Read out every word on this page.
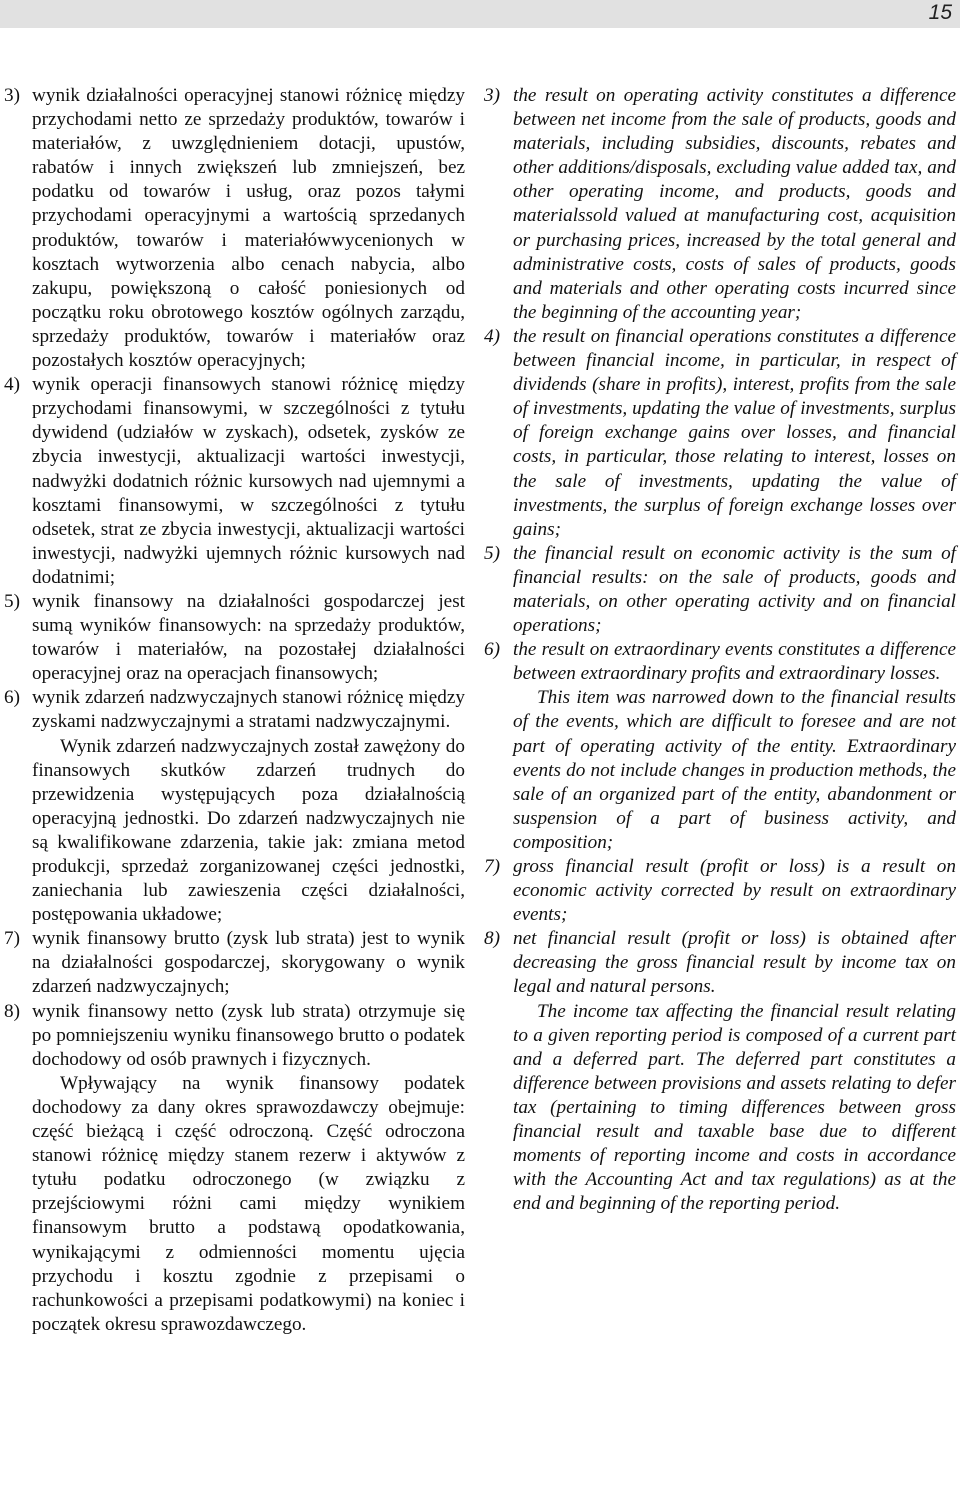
15
3) wynik działalności operacyjnej stanowi różnicę między przychodami netto ze sprzedaży produktów, towarów i materiałów, z uwzględnieniem dotacji, upustów, rabatów i innych zwiększeń lub zmniejszeń, bez podatku od towarów i usług, oraz pozos tałymi przychodami operacyjnymi a wartością sprzedanych produktów, towarów i materiałówwycenionych w kosztach wytworzenia albo cenach nabycia, albo zakupu, powiększoną o całość poniesionych od początku roku obrotowego kosztów ogólnych zarządu, sprzedaży produktów, towarów i materiałów oraz pozostałych kosztów operacyjnych;

4) wynik operacji finansowych stanowi różnicę między przychodami finansowymi, w szczególności z tytułu dywidend (udziałów w zyskach), odsetek, zysków ze zbycia inwestycji, aktualizacji wartości inwestycji, nadwyżki dodatnich różnic kursowych nad ujemnymi a kosztami finansowymi, w szczególności z tytułu odsetek, strat ze zbycia inwestycji, aktualizacji wartości inwestycji, nadwyżki ujemnych różnic kursowych nad dodatnimi;

5) wynik finansowy na działalności gospodarczej jest sumą wyników finansowych: na sprzedaży produktów, towarów i materiałów, na pozostałej działalności operacyjnej oraz na operacjach finansowych;

6) wynik zdarzeń nadzwyczajnych stanowi różnicę między zyskami nadzwyczajnymi a stratami nadzwyczajnymi.

Wynik zdarzeń nadzwyczajnych został zawężony do finansowych skutków zdarzeń trudnych do przewidzenia występujących poza działalnością operacyjną jednostki. Do zdarzeń nadzwyczajnych nie są kwalifikowane zdarzenia, takie jak: zmiana metod produkcji, sprzedaż zorganizowanej części jednostki, zaniechania lub zawieszenia części działalności, postępowania układowe;

7) wynik finansowy brutto (zysk lub strata) jest to wynik na działalności gospodarczej, skorygowany o wynik zdarzeń nadzwyczajnych;

8) wynik finansowy netto (zysk lub strata) otrzymuje się po pomniejszeniu wyniku finansowego brutto o podatek dochodowy od osób prawnych i fizycznych.

Wpływający na wynik finansowy podatek dochodowy za dany okres sprawozdawczy obejmuje: część bieżącą i część odroczoną. Część odroczona stanowi różnicę między stanem rezerw i aktywów z tytułu podatku odroczonego (w związku z przejściowymi różni cami między wynikiem finansowym brutto a podstawą opodatkowania, wynikającymi z odmienności momentu ujęcia przychodu i kosztu zgodnie z przepisami o rachunkowości a przepisami podatkowymi) na koniec i początek okresu sprawozdawczego.

3) the result on operating activity constitutes a difference between net income from the sale of products, goods and materials, including subsidies, discounts, rebates and other additions/disposals, excluding value added tax, and other operating income, and products, goods and materialssold valued at manufacturing cost, acquisition or purchasing prices, increased by the total general and administrative costs, costs of sales of products, goods and materials and other operating costs incurred since the beginning of the accounting year;

4) the result on financial operations constitutes a difference between financial income, in particular, in respect of dividends (share in profits), interest, profits from the sale of investments, updating the value of investments, surplus of foreign exchange gains over losses, and financial costs, in particular, those relating to interest, losses on the sale of investments, updating the value of investments, the surplus of foreign exchange losses over gains;

5) the financial result on economic activity is the sum of financial results: on the sale of products, goods and materials, on other operating activity and on financial operations;

6) the result on extraordinary events constitutes a difference between extraordinary profits and extraordinary losses.

This item was narrowed down to the financial results of the events, which are difficult to foresee and are not part of operating activity of the entity. Extraordinary events do not include changes in production methods, the sale of an organized part of the entity, abandonment or suspension of a part of business activity, and composition;

7) gross financial result (profit or loss) is a result on economic activity corrected by result on extraordinary events;

8) net financial result (profit or loss) is obtained after decreasing the gross financial result by income tax on legal and natural persons.

The income tax affecting the financial result relating to a given reporting period is composed of a current part and a deferred part. The deferred part constitutes a difference between provisions and assets relating to defer tax (pertaining to timing differences between gross financial result and taxable base due to different moments of reporting income and costs in accordance with the Accounting Act and tax regulations) as at the end and beginning of the reporting period.
